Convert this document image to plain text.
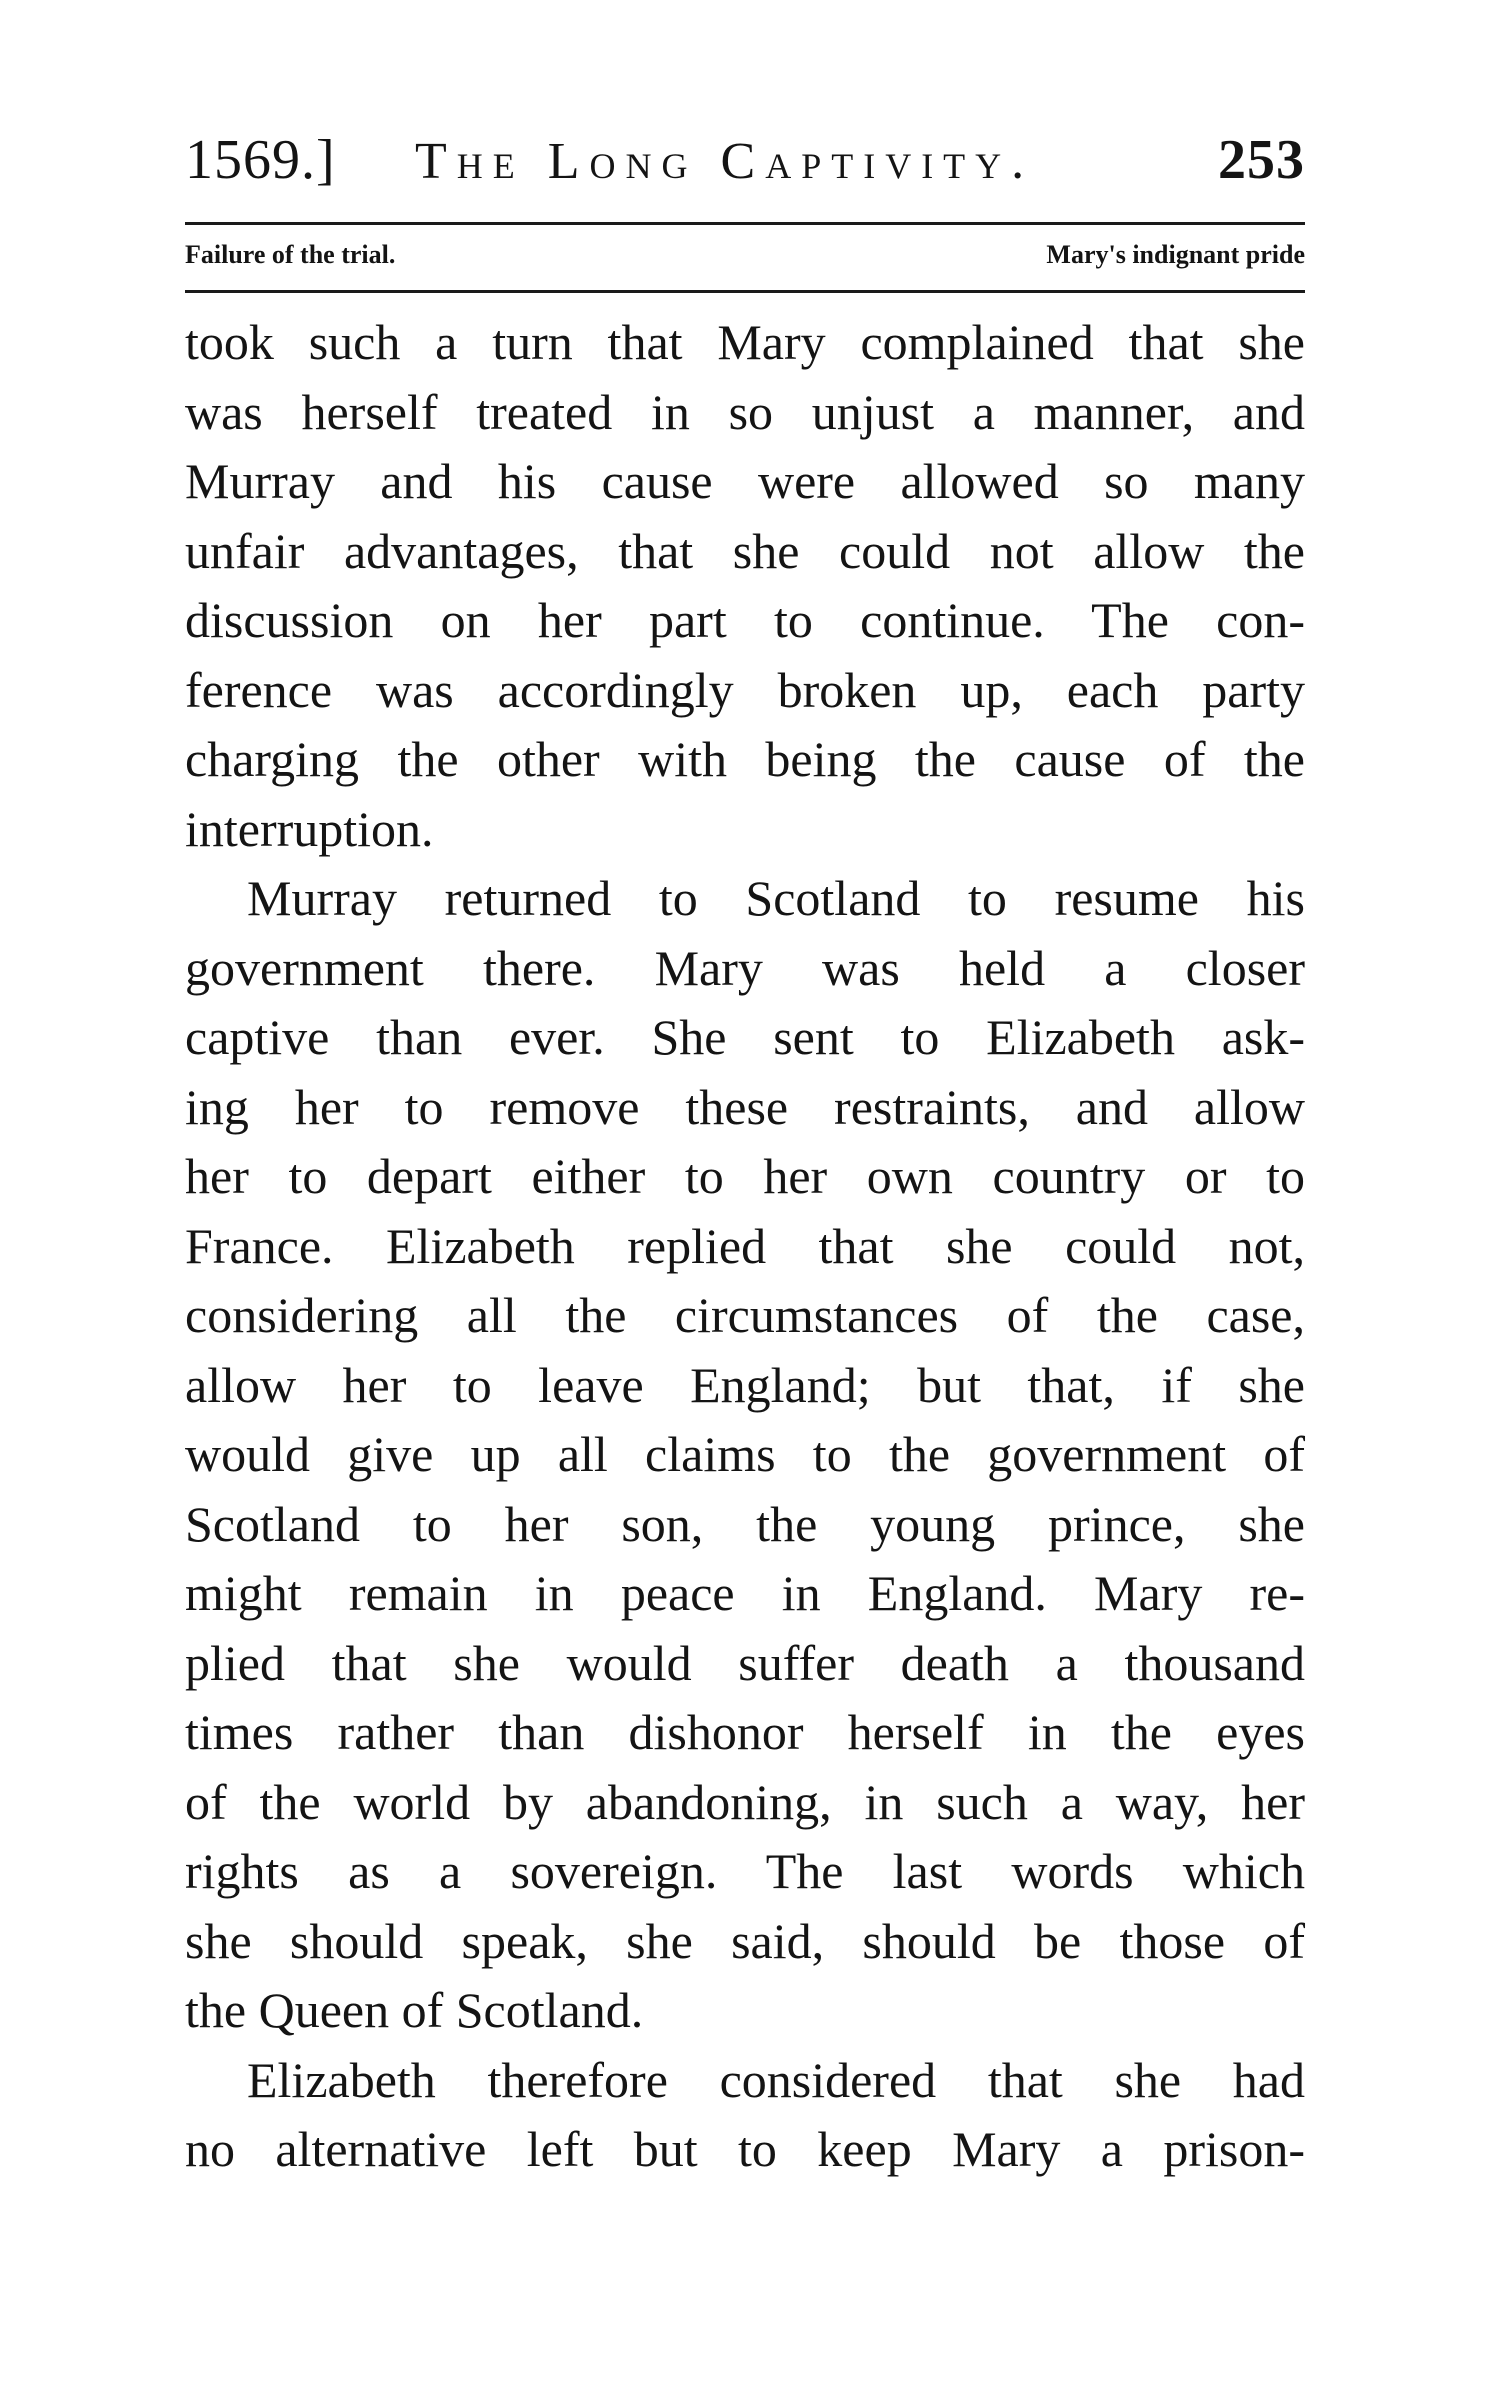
1569.] The Long Captivity.	253
Failure of the trial.	Mary's indignant pride
took such a turn that Mary complained that she
was herself treated in so unjust a manner, and
Murray and his cause were allowed so many
unfair advantages, that she could not allow the
discussion on her part to continue. The con-
ference was accordingly broken up, each party
charging the other with being the cause of the
interruption.
Murray returned to Scotland to resume his
government there. Mary was held a closer
captive than ever. She sent to Elizabeth ask-
ing her to remove these restraints, and allow
her to depart either to her own country or to
France. Elizabeth replied that she could not,
considering all the circumstances of the case,
allow her to leave England; but that, if she
would give up all claims to the government of
Scotland to her son, the young prince, she
might remain in peace in England. Mary re-
plied that she would suffer death a thousand
times rather than dishonor herself in the eyes
of the world by abandoning, in such a way, her
rights as a sovereign. The last words which
she should speak, she said, should be those of
the Queen of Scotland.
Elizabeth therefore considered that she had
no alternative left but to keep Mary a prison-
